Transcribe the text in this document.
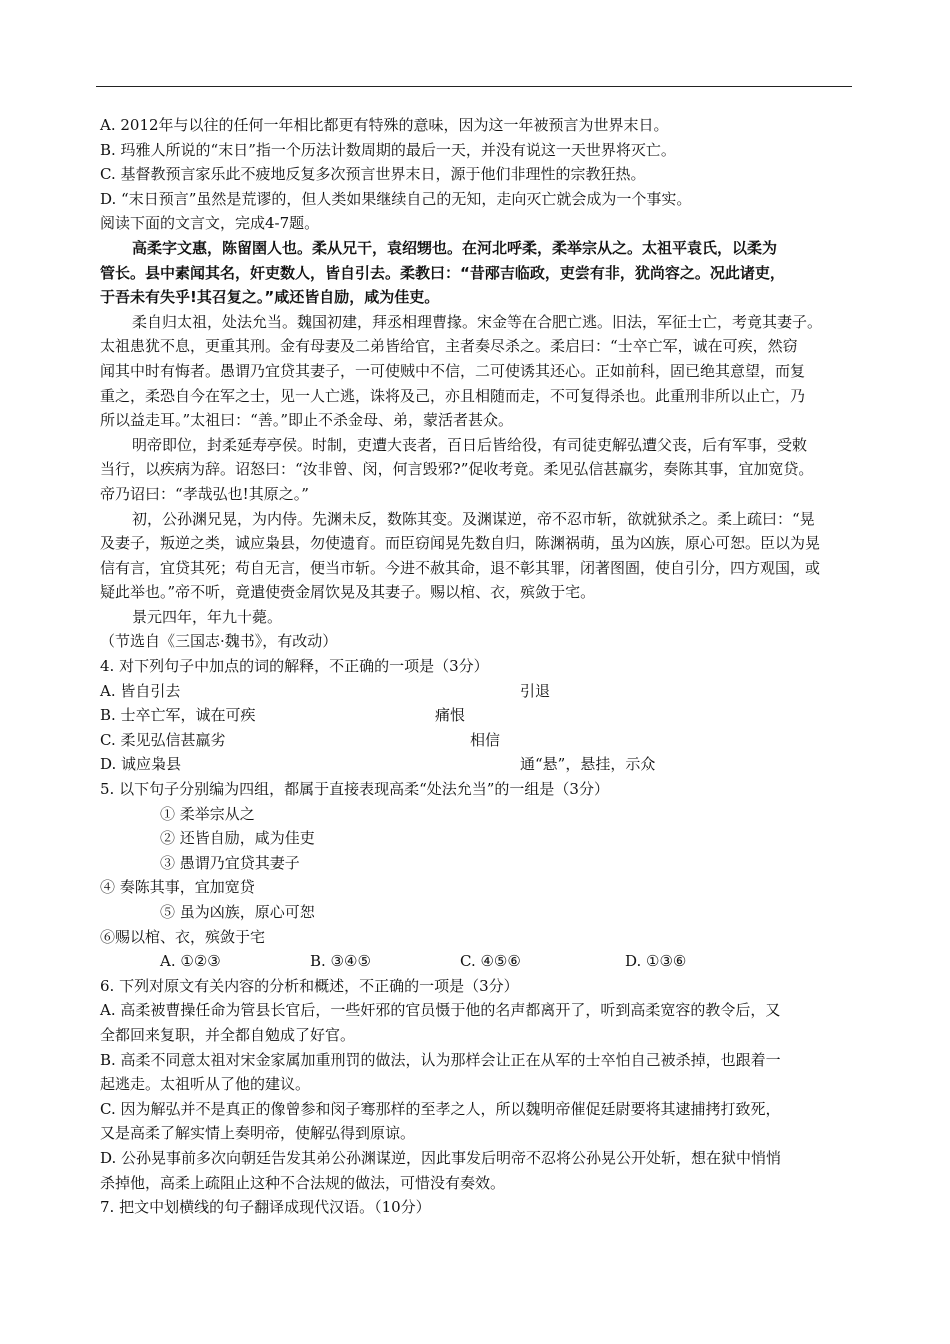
A. 2012年与以往的任何一年相比都更有特殊的意味，因为这一年被预言为世界末日。
B. 玛雅人所说的“末日”指一个历法计数周期的最后一天，并没有说这一天世界将灭亡。
C. 基督教预言家乐此不疲地反复多次预言世界末日，源于他们非理性的宗教狂热。
D. “末日预言”虽然是荒谬的，但人类如果继续自己的无知，走向灭亡就会成为一个事实。
阅读下面的文言文，完成4-7题。
高柔字文惠，陈留圉人也。柔从兄干，袁绍甥也。在河北呼柔，柔举宗从之。太祖平袁氏，以柔为
管长。县中素闻其名，奸吏数人，皆自引去。柔教曰：“昔邴吉临政，吏尝有非，犹尚容之。况此诸吏，
于吾未有失乎!其召复之。”咸还皆自励，咸为佳吏。
柔自归太祖，处法允当。魏国初建，拜丞相理曹掾。宋金等在合肥亡逃。旧法，军征士亡，考竟其妻子。
太祖患犹不息，更重其刑。金有母妻及二弟皆给官，主者奏尽杀之。柔启曰：“士卒亡军，诚在可疾，然窃
闻其中时有悔者。愚谓乃宜贷其妻子，一可使贼中不信，二可使诱其还心。正如前科，固已绝其意望，而复
重之，柔恐自今在军之士，见一人亡逃，诛将及己，亦且相随而走，不可复得杀也。此重刑非所以止亡，乃
所以益走耳。”太祖曰：“善。”即止不杀金母、弟，蒙活者甚众。
明帝即位，封柔延寿亭侯。时制，吏遭大丧者，百日后皆给役，有司徒吏解弘遭父丧，后有军事，受敕
当行，以疾病为辞。诏怒曰：“汝非曾、闵，何言毁邪?”促收考竟。柔见弘信甚羸劣，奏陈其事，宜加宽贷。
帝乃诏曰：“孝哉弘也!其原之。”
初，公孙渊兄晃，为内侍。先渊未反，数陈其变。及渊谋逆，帝不忍市斩，欲就狱杀之。柔上疏曰：“晃
及妻子，叛逆之类，诚应枭县，勿使遗育。而臣窃闻晃先数自归，陈渊祸萌，虽为凶族，原心可恕。臣以为晃
信有言，宜贷其死；苟自无言，便当市斩。今进不赦其命，退不彰其罪，闭著图圄，使自引分，四方观国，或
疑此举也。”帝不听，竟遣使赍金屑饮晃及其妻子。赐以棺、衣，殡敛于宅。
景元四年，年九十薨。
（节选自《三国志·魏书》，有改动）
4. 对下列句子中加点的词的解释，不正确的一项是（3分）
A. 皆自引去	引退
B. 士卒亡军，诚在可疾	痛恨
C. 柔见弘信甚羸劣	相信
D. 诚应枭县	通“悬”，悬挂，示众
5. 以下句子分别编为四组，都属于直接表现高柔“处法允当”的一组是（3分）
① 柔举宗从之
② 还皆自励，咸为佳吏
③ 愚谓乃宜贷其妻子
④ 奏陈其事，宜加宽贷
⑤ 虽为凶族，原心可恕
⑥赐以棺、衣，殡敛于宅
A. ①②③	B. ③④⑤	C. ④⑤⑥	D. ①③⑥
6. 下列对原文有关内容的分析和概述，不正确的一项是（3分）
A. 高柔被曹操任命为管县长官后，一些奸邪的官员慑于他的名声都离开了，听到高柔宽容的教令后，又
全都回来复职，并全都自勉成了好官。
B. 高柔不同意太祖对宋金家属加重刑罚的做法，认为那样会让正在从军的士卒怕自己被杀掉，也跟着一
起逃走。太祖听从了他的建议。
C. 因为解弘并不是真正的像曾参和闵子骞那样的至孝之人，所以魏明帝催促廷尉要将其逮捕拷打致死，
又是高柔了解实情上奏明帝，使解弘得到原谅。
D. 公孙晃事前多次向朝廷告发其弟公孙渊谋逆，因此事发后明帝不忍将公孙晃公开处斩，想在狱中悄悄
杀掉他，高柔上疏阻止这种不合法规的做法，可惜没有奏效。
7. 把文中划横线的句子翻译成现代汉语。（10分）
